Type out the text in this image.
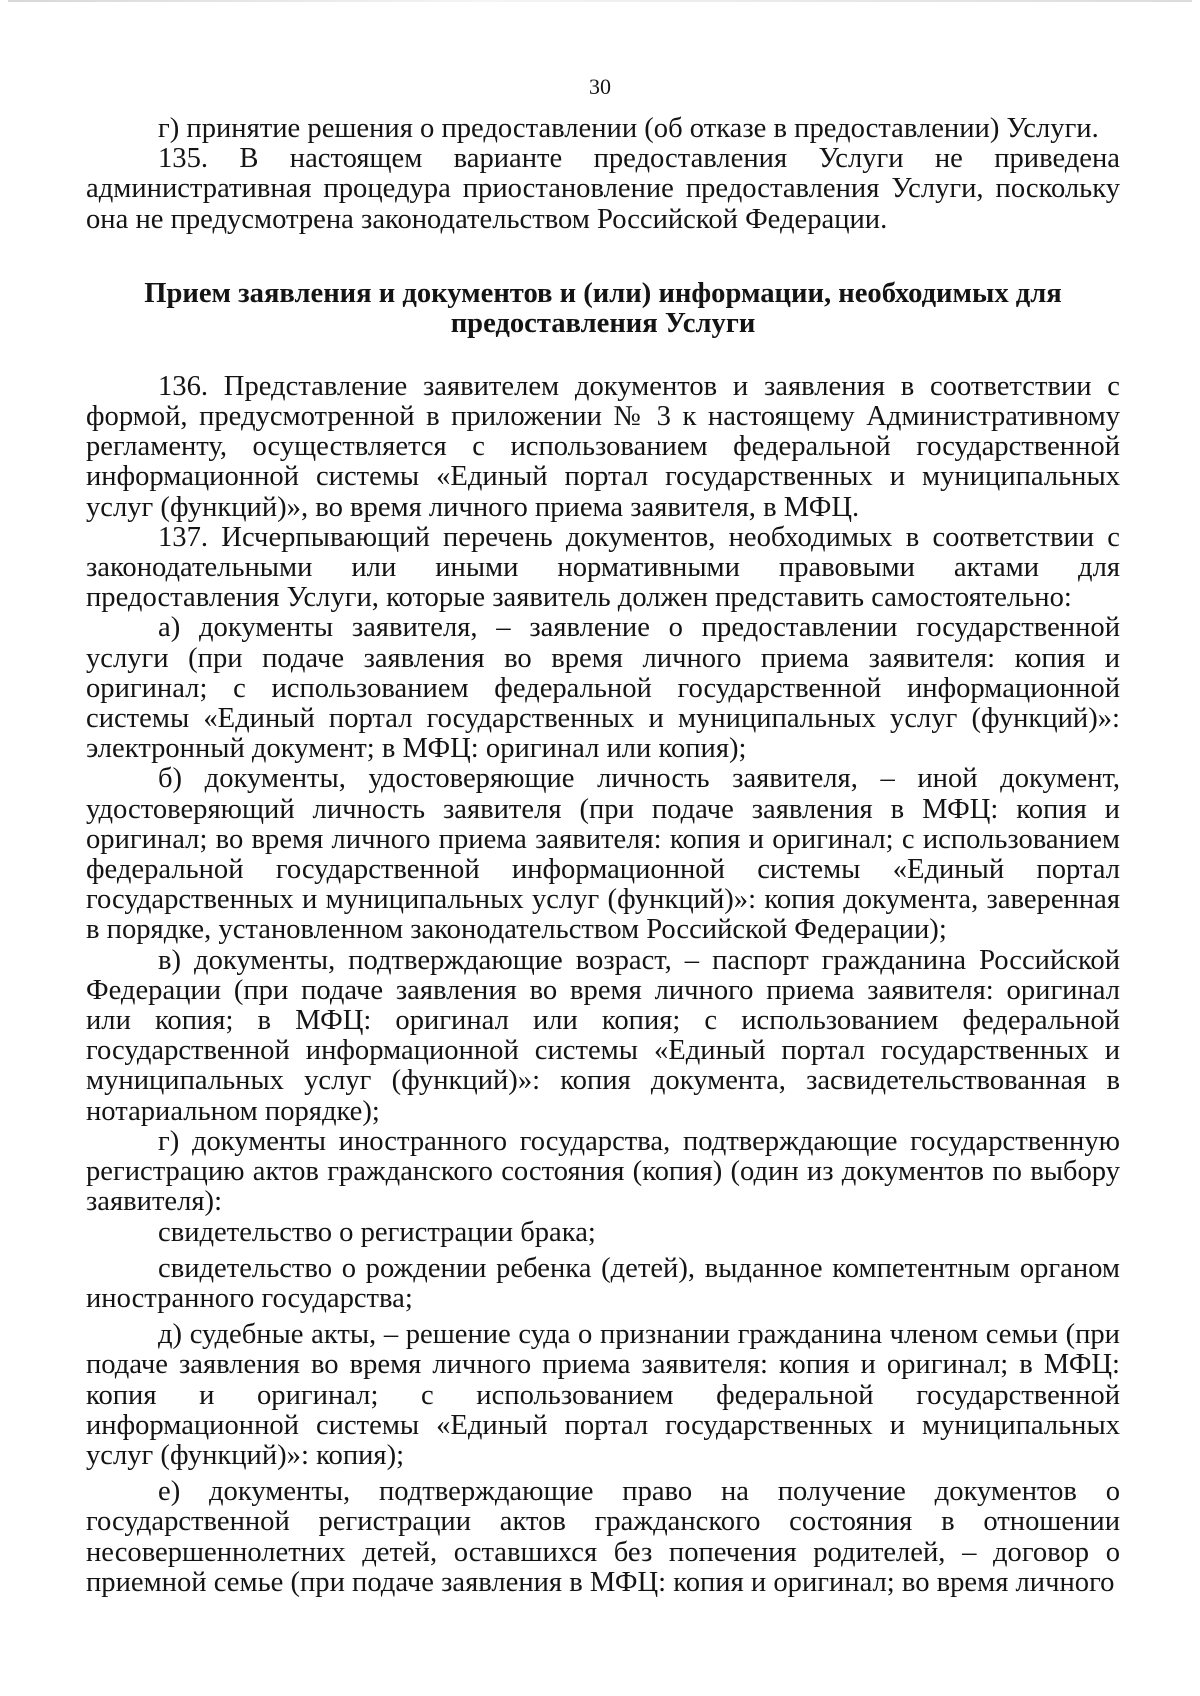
30

г) принятие решения о предоставлении (об отказе в предоставлении) Услуги.

135. В настоящем варианте предоставления Услуги не приведена административная процедура приостановление предоставления Услуги, поскольку она не предусмотрена законодательством Российской Федерации.

Прием заявления и документов и (или) информации, необходимых для предоставления Услуги

136. Представление заявителем документов и заявления в соответствии с формой, предусмотренной в приложении № 3 к настоящему Административному регламенту, осуществляется с использованием федеральной государственной информационной системы «Единый портал государственных и муниципальных услуг (функций)», во время личного приема заявителя, в МФЦ.

137. Исчерпывающий перечень документов, необходимых в соответствии с законодательными или иными нормативными правовыми актами для предоставления Услуги, которые заявитель должен представить самостоятельно:

а) документы заявителя, – заявление о предоставлении государственной услуги (при подаче заявления во время личного приема заявителя: копия и оригинал; с использованием федеральной государственной информационной системы «Единый портал государственных и муниципальных услуг (функций)»: электронный документ; в МФЦ: оригинал или копия);

б) документы, удостоверяющие личность заявителя, – иной документ, удостоверяющий личность заявителя (при подаче заявления в МФЦ: копия и оригинал; во время личного приема заявителя: копия и оригинал; с использованием федеральной государственной информационной системы «Единый портал государственных и муниципальных услуг (функций)»: копия документа, заверенная в порядке, установленном законодательством Российской Федерации);

в) документы, подтверждающие возраст, – паспорт гражданина Российской Федерации (при подаче заявления во время личного приема заявителя: оригинал или копия; в МФЦ: оригинал или копия; с использованием федеральной государственной информационной системы «Единый портал государственных и муниципальных услуг (функций)»: копия документа, засвидетельствованная в нотариальном порядке);

г) документы иностранного государства, подтверждающие государственную регистрацию актов гражданского состояния (копия) (один из документов по выбору заявителя):

свидетельство о регистрации брака;

свидетельство о рождении ребенка (детей), выданное компетентным органом иностранного государства;

д) судебные акты, – решение суда о признании гражданина членом семьи (при подаче заявления во время личного приема заявителя: копия и оригинал; в МФЦ: копия и оригинал; с использованием федеральной государственной информационной системы «Единый портал государственных и муниципальных услуг (функций)»: копия);

е) документы, подтверждающие право на получение документов о государственной регистрации актов гражданского состояния в отношении несовершеннолетних детей, оставшихся без попечения родителей, – договор о приемной семье (при подаче заявления в МФЦ: копия и оригинал; во время личного
